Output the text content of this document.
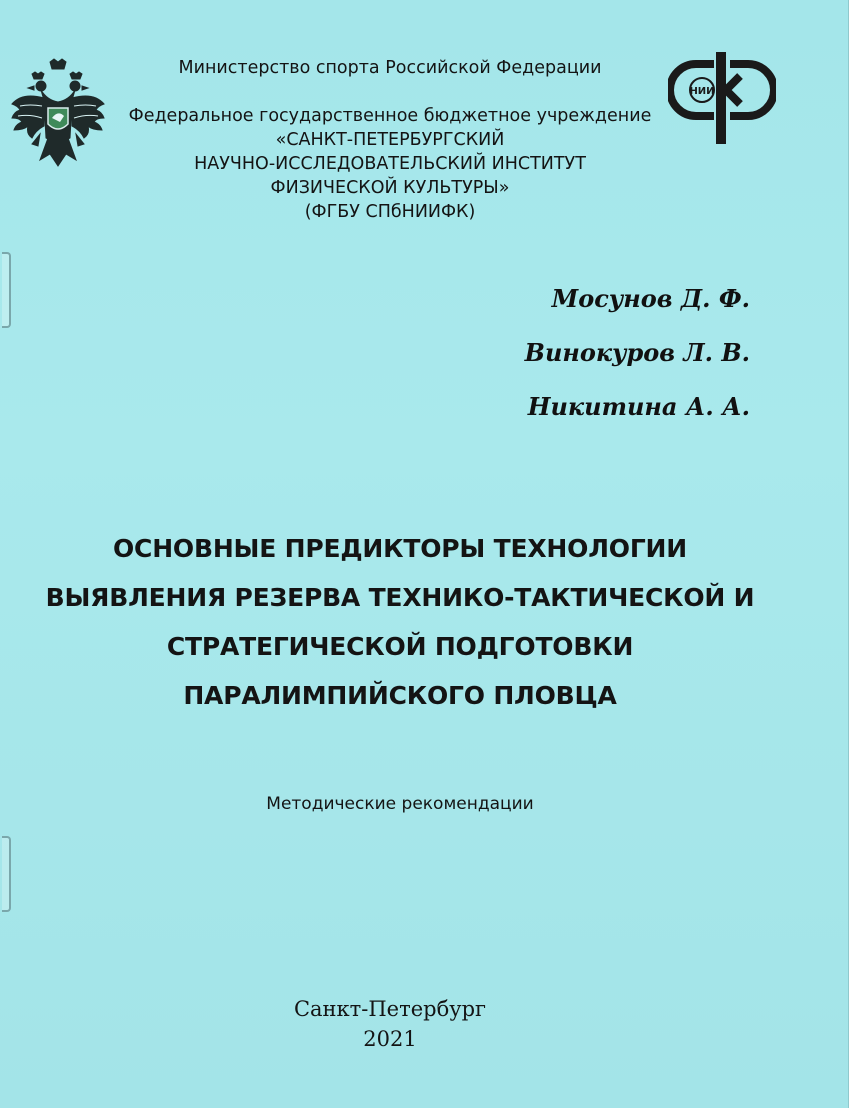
НИИ
Министерство спорта Российской Федерации
Федеральное государственное бюджетное учреждение
«САНКТ-ПЕТЕРБУРГСКИЙ
НАУЧНО-ИССЛЕДОВАТЕЛЬСКИЙ ИНСТИТУТ
ФИЗИЧЕСКОЙ КУЛЬТУРЫ»
(ФГБУ СПбНИИФК)
Мосунов Д. Ф.
Винокуров Л. В.
Никитина А. А.
ОСНОВНЫЕ ПРЕДИКТОРЫ ТЕХНОЛОГИИ
ВЫЯВЛЕНИЯ РЕЗЕРВА ТЕХНИКО-ТАКТИЧЕСКОЙ И
СТРАТЕГИЧЕСКОЙ ПОДГОТОВКИ
ПАРАЛИМПИЙСКОГО ПЛОВЦА
Методические рекомендации
Санкт-Петербург
2021
